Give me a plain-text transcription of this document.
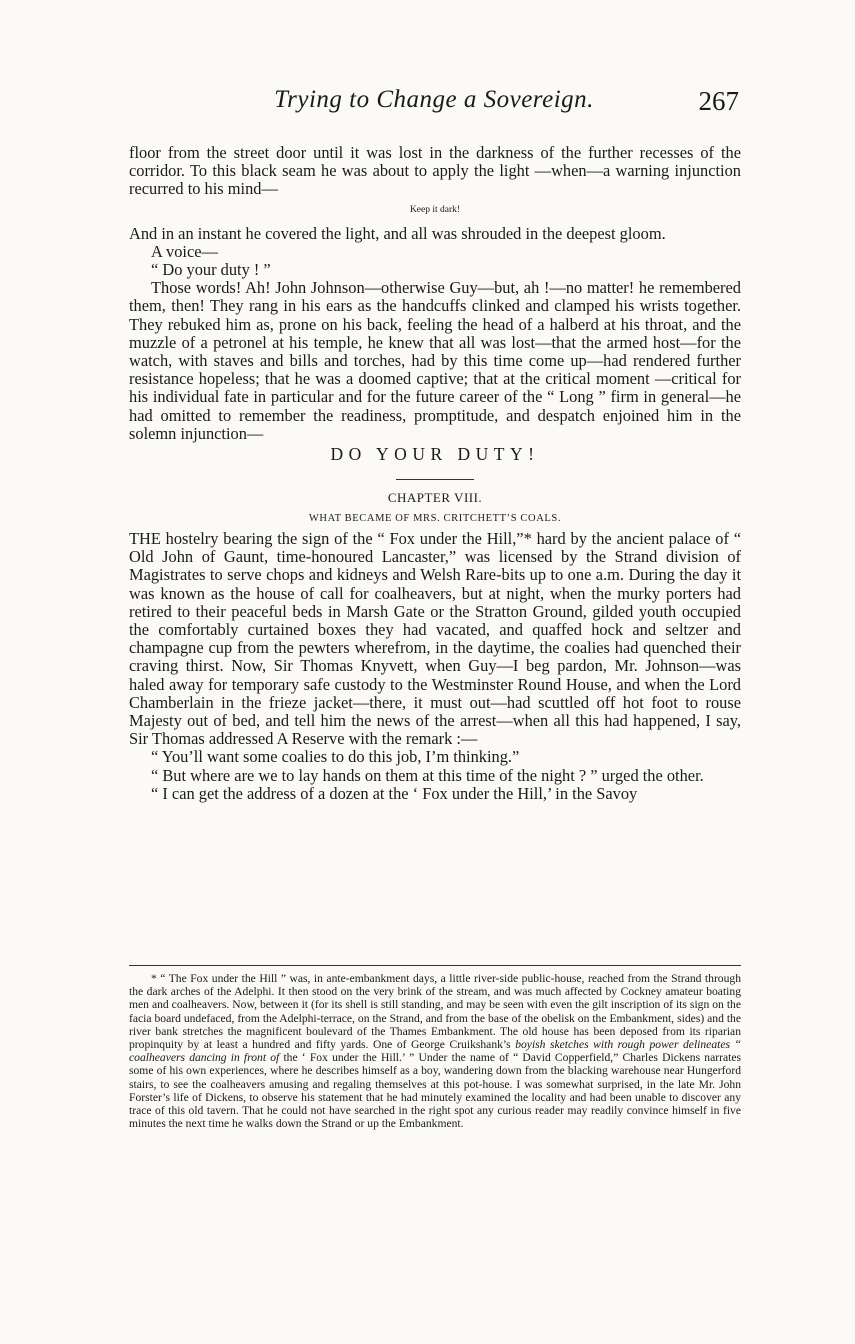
Trying to Change a Sovereign.	267

floor from the street door until it was lost in the darkness of the further recesses of the corridor. To this black seam he was about to apply the light —when—a warning injunction recurred to his mind—

Keep it dark!

And in an instant he covered the light, and all was shrouded in the deepest gloom.

A voice—

“ Do your duty ! ”

Those words! Ah! John Johnson—otherwise Guy—but, ah !—no matter! he remembered them, then! They rang in his ears as the handcuffs clinked and clamped his wrists together. They rebuked him as, prone on his back, feeling the head of a halberd at his throat, and the muzzle of a petronel at his temple, he knew that all was lost—that the armed host—for the watch, with staves and bills and torches, had by this time come up—had rendered further resistance hopeless; that he was a doomed captive; that at the critical moment —critical for his individual fate in particular and for the future career of the “ Long ” firm in general—he had omitted to remember the readiness, promptitude, and despatch enjoined him in the solemn injunction—

DO YOUR DUTY!

CHAPTER VIII.

WHAT BECAME OF MRS. CRITCHETT’S COALS.

THE hostelry bearing the sign of the “ Fox under the Hill,”* hard by the ancient palace of “ Old John of Gaunt, time-honoured Lancaster,” was licensed by the Strand division of Magistrates to serve chops and kidneys and Welsh Rare-bits up to one a.m. During the day it was known as the house of call for coalheavers, but at night, when the murky porters had retired to their peaceful beds in Marsh Gate or the Stratton Ground, gilded youth occupied the comfortably curtained boxes they had vacated, and quaffed hock and seltzer and champagne cup from the pewters wherefrom, in the daytime, the coalies had quenched their craving thirst. Now, Sir Thomas Knyvett, when Guy—I beg pardon, Mr. Johnson—was haled away for temporary safe custody to the Westminster Round House, and when the Lord Chamberlain in the frieze jacket—there, it must out—had scuttled off hot foot to rouse Majesty out of bed, and tell him the news of the arrest—when all this had happened, I say, Sir Thomas addressed A Reserve with the remark :—

“ You’ll want some coalies to do this job, I’m thinking.”

“ But where are we to lay hands on them at this time of the night ? ” urged the other.

“ I can get the address of a dozen at the ‘ Fox under the Hill,’ in the Savoy

* “ The Fox under the Hill ” was, in ante-embankment days, a little river-side public-house, reached from the Strand through the dark arches of the Adelphi. It then stood on the very brink of the stream, and was much affected by Cockney amateur boating men and coalheavers. Now, between it (for its shell is still standing, and may be seen with even the gilt inscription of its sign on the facia board undefaced, from the Adelphi-terrace, on the Strand, and from the base of the obelisk on the Embankment, sides) and the river bank stretches the magnificent boulevard of the Thames Embankment. The old house has been deposed from its riparian propinquity by at least a hundred and fifty yards. One of George Cruikshank’s boyish sketches with rough power delineates “ coalheavers dancing in front of the ‘ Fox under the Hill.’ ” Under the name of “ David Copperfield,” Charles Dickens narrates some of his own experiences, where he describes himself as a boy, wandering down from the blacking warehouse near Hungerford stairs, to see the coalheavers amusing and regaling themselves at this pot-house. I was somewhat surprised, in the late Mr. John Forster’s life of Dickens, to observe his statement that he had minutely examined the locality and had been unable to discover any trace of this old tavern. That he could not have searched in the right spot any curious reader may readily convince himself in five minutes the next time he walks down the Strand or up the Embankment.
